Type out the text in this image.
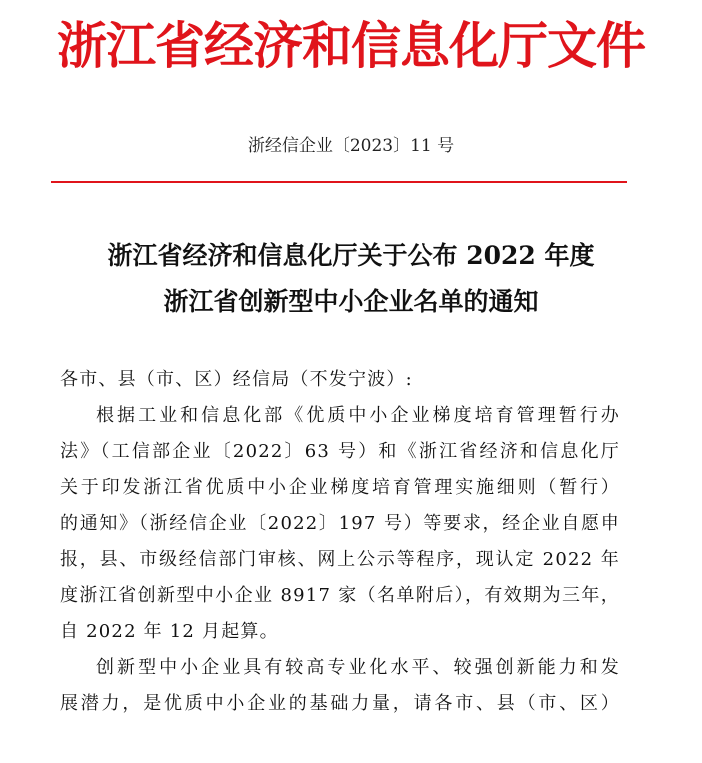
浙江省经济和信息化厅文件
浙经信企业〔2023〕11 号
浙江省经济和信息化厅关于公布 2022 年度
浙江省创新型中小企业名单的通知
各市、县（市、区）经信局（不发宁波）:
根据工业和信息化部《优质中小企业梯度培育管理暂行办
法》（工信部企业〔2022〕63 号）和《浙江省经济和信息化厅
关于印发浙江省优质中小企业梯度培育管理实施细则（暂行）
的通知》（浙经信企业〔2022〕197 号）等要求，经企业自愿申
报，县、市级经信部门审核、网上公示等程序，现认定 2022 年
度浙江省创新型中小企业 8917 家（名单附后），有效期为三年，
自 2022 年 12 月起算。
创新型中小企业具有较高专业化水平、较强创新能力和发
展潜力，是优质中小企业的基础力量，请各市、县（市、区）
